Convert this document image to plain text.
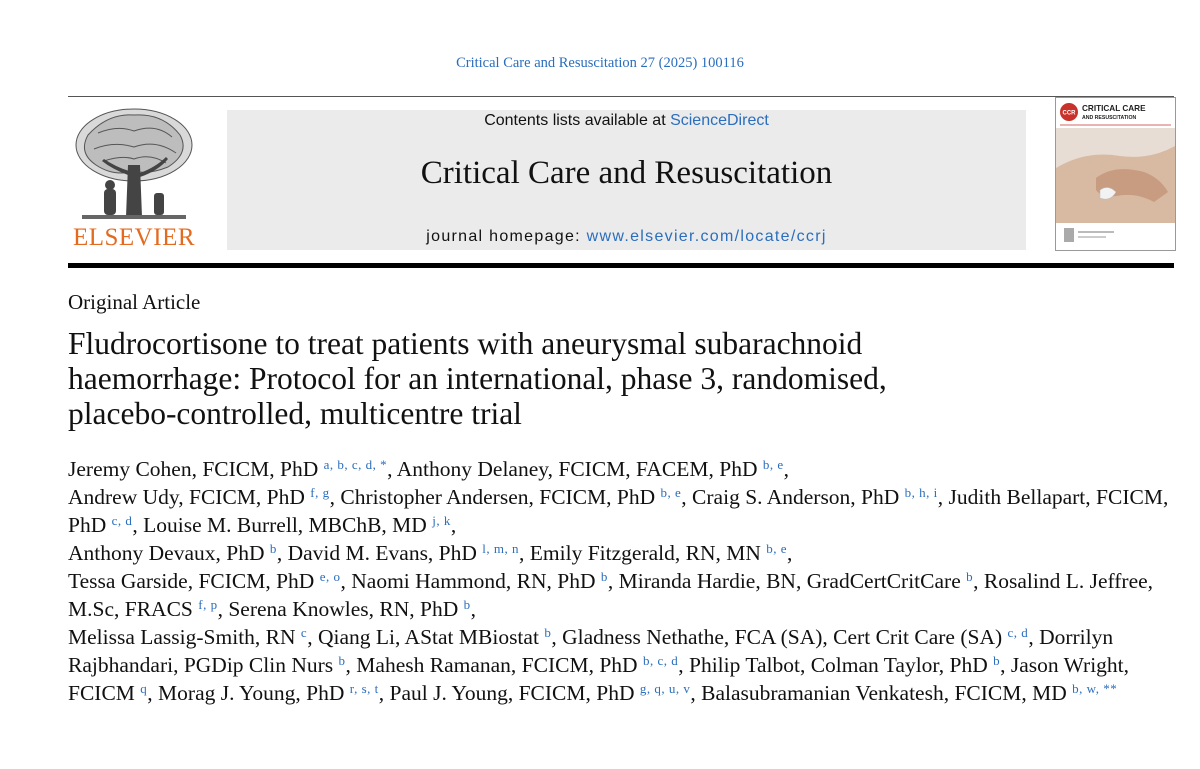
Critical Care and Resuscitation 27 (2025) 100116
ELSEVIER
Contents lists available at ScienceDirect
Critical Care and Resuscitation
journal homepage: www.elsevier.com/locate/ccrj
CCR
CRITICAL CARE
AND RESUSCITATION
Original Article
Fludrocortisone to treat patients with aneurysmal subarachnoid
haemorrhage: Protocol for an international, phase 3, randomised,
placebo-controlled, multicentre trial
Jeremy Cohen, FCICM, PhD $^{a, b, c, d, *}$, Anthony Delaney, FCICM, FACEM, PhD $^{b, e}$,
Andrew Udy, FCICM, PhD $^{f, g}$, Christopher Andersen, FCICM, PhD $^{b, e}$, Craig S. Anderson, PhD $^{b, h, i}$, Judith Bellapart, FCICM, PhD $^{c, d}$, Louise M. Burrell, MBChB, MD $^{j, k}$,
Anthony Devaux, PhD $^b$, David M. Evans, PhD $^{l, m, n}$, Emily Fitzgerald, RN, MN $^{b, e}$,
Tessa Garside, FCICM, PhD $^{e, o}$, Naomi Hammond, RN, PhD $^b$, Miranda Hardie, BN, GradCertCritCare $^b$, Rosalind L. Jeffree, M.Sc, FRACS $^{f, p}$, Serena Knowles, RN, PhD $^b$,
Melissa Lassig-Smith, RN $^c$, Qiang Li, AStat MBiostat $^b$, Gladness Nethathe, FCA (SA), Cert Crit Care (SA) $^{c, d}$, Dorrilyn Rajbhandari, PGDip Clin Nurs $^b$, Mahesh Ramanan, FCICM, PhD $^{b, c, d}$, Philip Talbot, Colman Taylor, PhD $^b$, Jason Wright, FCICM $^q$, Morag J. Young, PhD $^{r, s, t}$, Paul J. Young, FCICM, PhD $^{g, q, u, v}$, Balasubramanian Venkatesh, FCICM, MD $^{b, w, **}$
